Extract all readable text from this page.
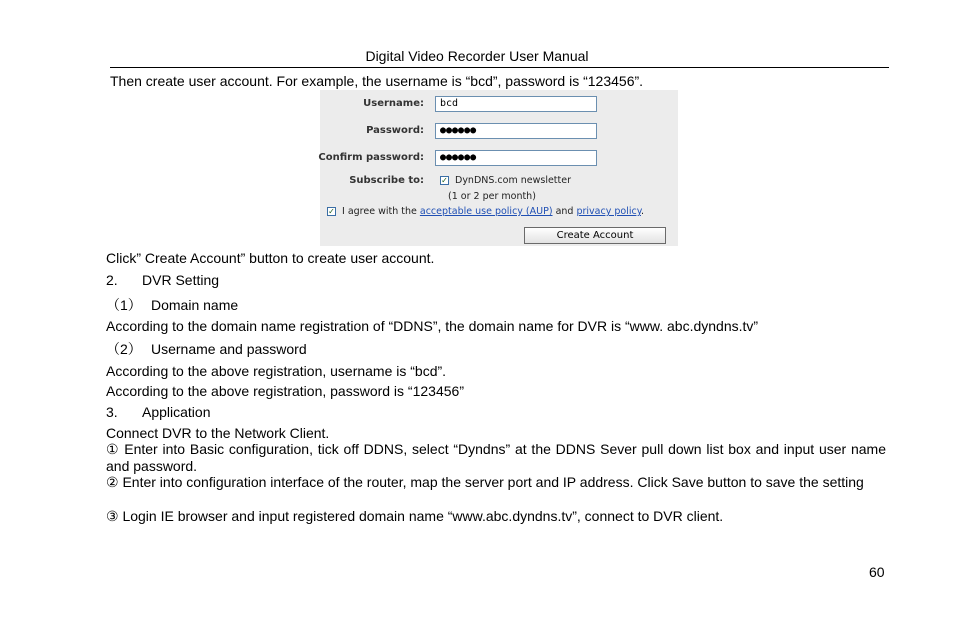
Digital Video Recorder User Manual
Then create user account. For example, the username is “bcd”, password is “123456”.
Username:	bcd
Password:	●●●●●●
Confirm password:	●●●●●●
Subscribe to: ✓ DynDNS.com newsletter
(1 or 2 per month)
✓ I agree with the acceptable use policy (AUP) and privacy policy.
Create Account
Click” Create Account” button to create user account.
2. DVR Setting
（1） Domain name
According to the domain name registration of “DDNS”, the domain name for DVR is “www. abc.dyndns.tv”
（2） Username and password
According to the above registration, username is “bcd”.
According to the above registration, password is “123456”
3. Application
Connect DVR to the Network Client.
① Enter into Basic configuration, tick off DDNS, select “Dyndns” at the DDNS Sever pull down list box and input user name and password.
② Enter into configuration interface of the router, map the server port and IP address. Click Save button to save the setting
③ Login IE browser and input registered domain name “www.abc.dyndns.tv”, connect to DVR client.
60
